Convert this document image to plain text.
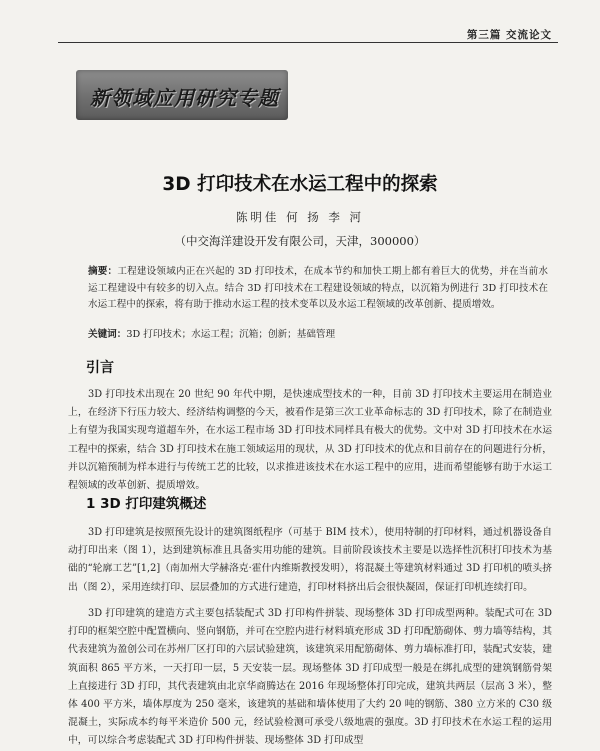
第三篇 交流论文
新领域应用研究专题
3D 打印技术在水运工程中的探索
陈明佳 何 扬 李 河
（中交海洋建设开发有限公司，天津，300000）
摘要：工程建设领域内正在兴起的 3D 打印技术，在成本节约和加快工期上都有着巨大的优势，并在当前水运工程建设中有较多的切入点。结合 3D 打印技术在工程建设领域的特点，以沉箱为例进行 3D 打印技术在水运工程中的探索，将有助于推动水运工程的技术变革以及水运工程领域的改革创新、提质增效。
关键词：3D 打印技术；水运工程；沉箱；创新；基础管理
引言

3D 打印技术出现在 20 世纪 90 年代中期，是快速成型技术的一种，目前 3D 打印技术主要运用在制造业上，在经济下行压力较大、经济结构调整的今天，被看作是第三次工业革命标志的 3D 打印技术，除了在制造业上有望为我国实现弯道超车外，在水运工程市场 3D 打印技术同样具有极大的优势。文中对 3D 打印技术在水运工程中的探索，结合 3D 打印技术在施工领域运用的现状，从 3D 打印技术的优点和目前存在的问题进行分析，并以沉箱预制为样本进行与传统工艺的比较，以求推进该技术在水运工程中的应用，进而希望能够有助于水运工程领域的改革创新、提质增效。

1 3D 打印建筑概述

3D 打印建筑是按照预先设计的建筑图纸程序（可基于 BIM 技术），使用特制的打印材料，通过机器设备自动打印出来（图 1），达到建筑标准且具备实用功能的建筑。目前阶段该技术主要是以选择性沉积打印技术为基础的“轮廓工艺”[1,2]（南加州大学赫洛克·霍什内维斯教授发明），将混凝土等建筑材料通过 3D 打印机的喷头挤出（图 2），采用连续打印、层层叠加的方式进行建造，打印材料挤出后会很快凝固，保证打印机连续打印。

3D 打印建筑的建造方式主要包括装配式 3D 打印构件拼装、现场整体 3D 打印成型两种。装配式可在 3D 打印的框架空腔中配置横向、竖向钢筋，并可在空腔内进行材料填充形成 3D 打印配筋砌体、剪力墙等结构，其代表建筑为盈创公司在苏州厂区打印的六层试验建筑，该建筑采用配筋砌体、剪力墙标准打印，装配式安装，建筑面积 865 平方米，一天打印一层，5 天安装一层。现场整体 3D 打印成型一般是在绑扎成型的建筑钢筋骨架上直接进行 3D 打印，其代表建筑由北京华商腾达在 2016 年现场整体打印完成，建筑共两层（层高 3 米），整体 400 平方米，墙体厚度为 250 毫米，该建筑的基础和墙体使用了大约 20 吨的钢筋、380 立方米的 C30 级混凝土，实际成本约每平米造价 500 元，经试验检测可承受八级地震的强度。3D 打印技术在水运工程的运用中，可以综合考虑装配式 3D 打印构件拼装、现场整体 3D 打印成型
